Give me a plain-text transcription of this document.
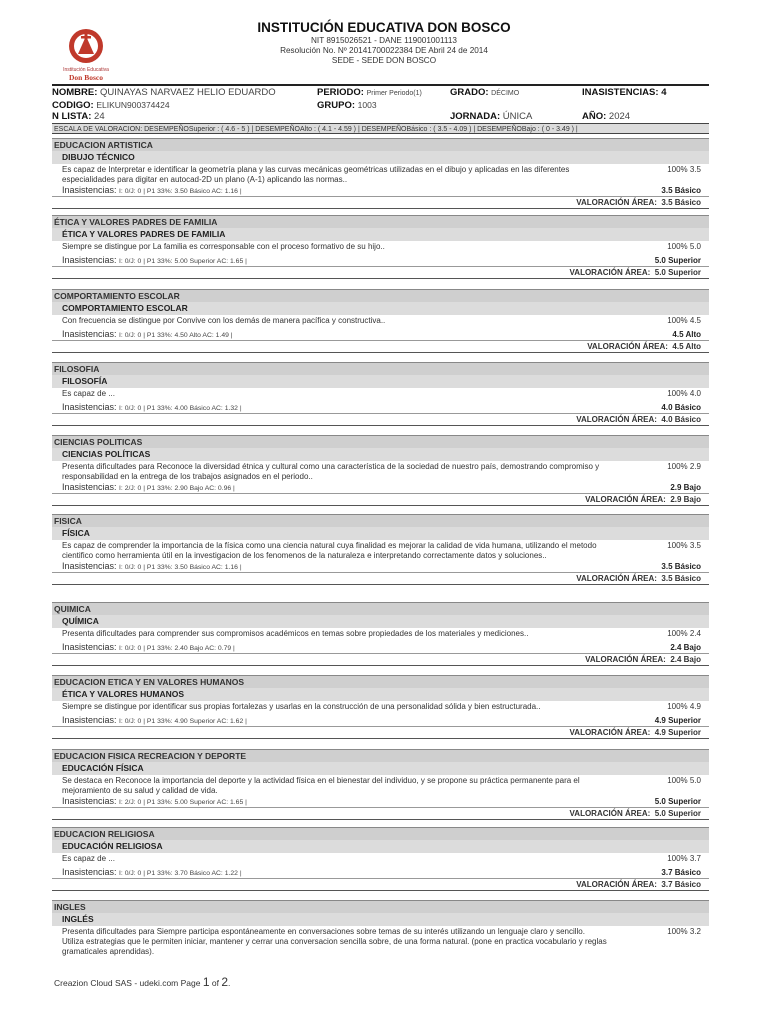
Institución Educativa
Don Bosco
INSTITUCIÓN EDUCATIVA DON BOSCO
NIT 8915026521 - DANE 119001001113
Resolución No. Nº 20141700022384 DE Abril 24 de 2014
SEDE - SEDE DON BOSCO
NOMBRE: QUINAYAS NARVAEZ HELIO EDUARDO
CODIGO: ELIKUN900374424
N LISTA: 24
PERIODO: Primer Periodo(1)
GRUPO: 1003
GRADO: DÉCIMO
JORNADA: ÚNICA
INASISTENCIAS: 4
AÑO: 2024
ESCALA DE VALORACION: DESEMPEÑOSuperior : ( 4.6 - 5 ) | DESEMPEÑOAlto : ( 4.1 - 4.59 ) | DESEMPEÑOBásico : ( 3.5 - 4.09 ) | DESEMPEÑOBajo : ( 0 - 3.49 ) |
EDUCACION ARTISTICA
DIBUJO TÉCNICO
Es capaz de Interpretar e identificar la geometría plana y las curvas mecánicas geométricas utilizadas en el dibujo y aplicadas en las diferentes especialidades para digitar en autocad-2D un plano (A-1) aplicando las normas..
100% 3.5
Inasistencias: I: 0/J: 0 | P1 33%: 3.50 Básico AC: 1.16 |	3.5 Básico
VALORACIÓN ÁREA: 3.5 Básico
ÉTICA Y VALORES PADRES DE FAMILIA
ÉTICA Y VALORES PADRES DE FAMILIA
Siempre se distingue por La familia es corresponsable con el proceso formativo de su hijo..	100% 5.0
Inasistencias: I: 0/J: 0 | P1 33%: 5.00 Superior AC: 1.65 |	5.0 Superior
VALORACIÓN ÁREA: 5.0 Superior
COMPORTAMIENTO ESCOLAR
COMPORTAMIENTO ESCOLAR
Con frecuencia se distingue por Convive con los demás de manera pacífica y constructiva..	100% 4.5
Inasistencias: I: 0/J: 0 | P1 33%: 4.50 Alto AC: 1.49 |	4.5 Alto
VALORACIÓN ÁREA: 4.5 Alto
FILOSOFIA
FILOSOFÍA
Es capaz de ...	100% 4.0
Inasistencias: I: 0/J: 0 | P1 33%: 4.00 Básico AC: 1.32 |	4.0 Básico
VALORACIÓN ÁREA: 4.0 Básico
CIENCIAS POLITICAS
CIENCIAS POLÍTICAS
Presenta dificultades para Reconoce la diversidad étnica y cultural como una característica de la sociedad de nuestro país, demostrando compromiso y responsabilidad en la entrega de los trabajos asignados en el periodo..
100% 2.9
Inasistencias: I: 2/J: 0 | P1 33%: 2.90 Bajo AC: 0.96 |	2.9 Bajo
VALORACIÓN ÁREA: 2.9 Bajo
FISICA
FÍSICA
Es capaz de comprender la importancia de la física como una ciencia natural cuya finalidad es mejorar la calidad de vida humana, utilizando el metodo cientifico como herramienta útil en la investigacion de los fenomenos de la naturaleza e interpretando correctamente datos y soluciones..
100% 3.5
Inasistencias: I: 0/J: 0 | P1 33%: 3.50 Básico AC: 1.16 |	3.5 Básico
VALORACIÓN ÁREA: 3.5 Básico
QUIMICA
QUÍMICA
Presenta dificultades para comprender sus compromisos académicos en temas sobre propiedades de los materiales y mediciones..	100% 2.4
Inasistencias: I: 0/J: 0 | P1 33%: 2.40 Bajo AC: 0.79 |	2.4 Bajo
VALORACIÓN ÁREA: 2.4 Bajo
EDUCACION ETICA Y EN VALORES HUMANOS
ÉTICA Y VALORES HUMANOS
Siempre se distingue por identificar sus propias fortalezas y usarlas en la construcción de una personalidad sólida y bien estructurada..	100% 4.9
Inasistencias: I: 0/J: 0 | P1 33%: 4.90 Superior AC: 1.62 |	4.9 Superior
VALORACIÓN ÁREA: 4.9 Superior
EDUCACION FISICA RECREACION Y DEPORTE
EDUCACIÓN FÍSICA
Se destaca en Reconoce la importancia del deporte y la actividad física en el bienestar del individuo, y se propone su práctica permanente para el mejoramiento de su salud y calidad de vida.
100% 5.0
Inasistencias: I: 2/J: 0 | P1 33%: 5.00 Superior AC: 1.65 |	5.0 Superior
VALORACIÓN ÁREA: 5.0 Superior
EDUCACION RELIGIOSA
EDUCACIÓN RELIGIOSA
Es capaz de ...	100% 3.7
Inasistencias: I: 0/J: 0 | P1 33%: 3.70 Básico AC: 1.22 |	3.7 Básico
VALORACIÓN ÁREA: 3.7 Básico
INGLES
INGLÉS
Presenta dificultades para Siempre participa espontáneamente en conversaciones sobre temas de su interés utilizando un lenguaje claro y sencillo. Utiliza estrategias que le permiten iniciar, mantener y cerrar una conversacion sencilla sobre, de una forma natural. (pone en practica vocabulario y reglas gramaticales aprendidas).
100% 3.2
Creazion Cloud SAS - udeki.com Page 1 of 2.
